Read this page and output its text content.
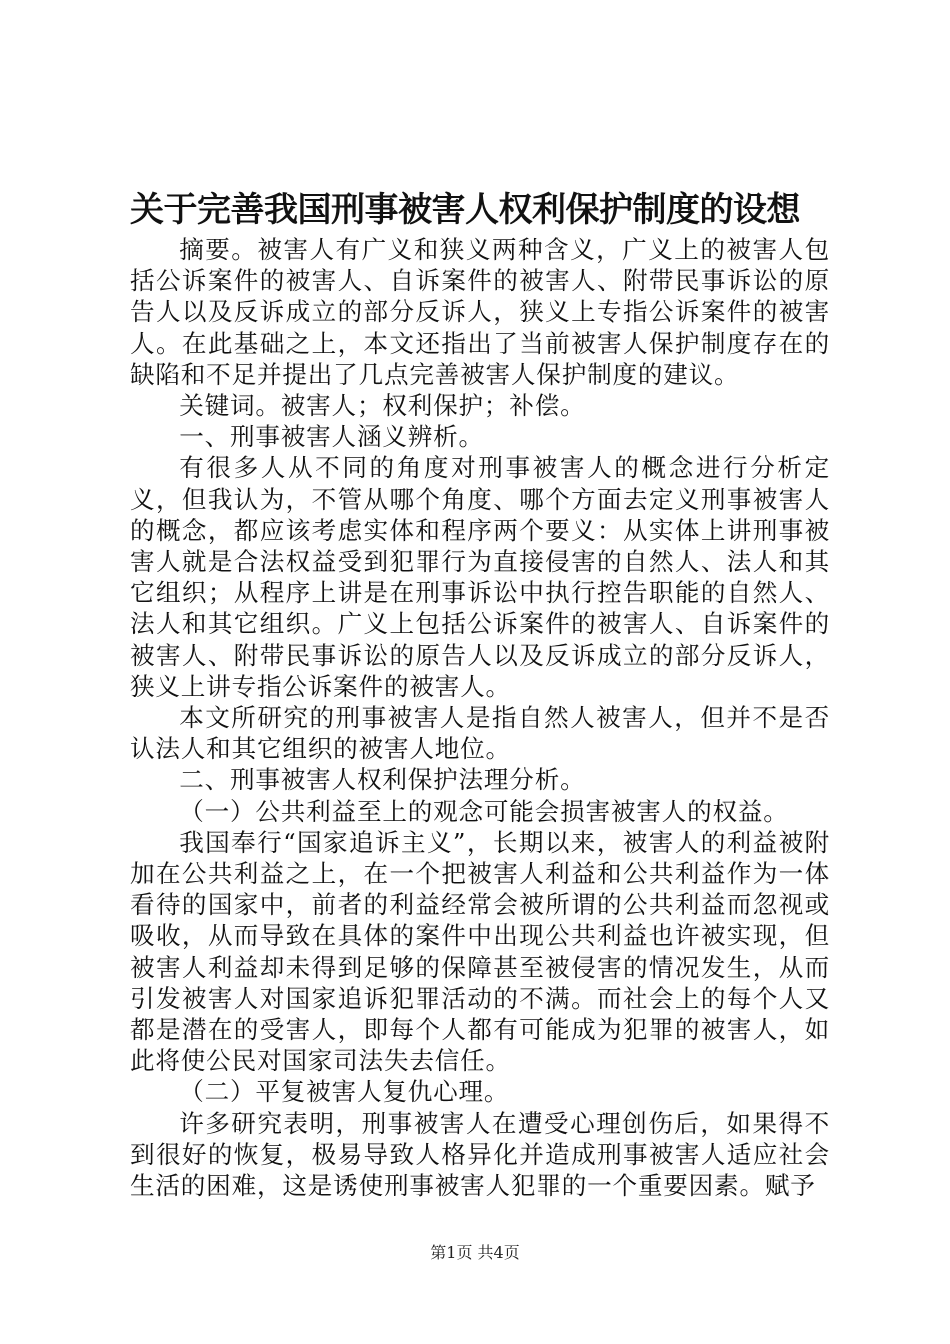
关于完善我国刑事被害人权利保护制度的设想

摘要。被害人有广义和狭义两种含义，广义上的被害人包括公诉案件的被害人、自诉案件的被害人、附带民事诉讼的原告人以及反诉成立的部分反诉人，狭义上专指公诉案件的被害人。在此基础之上，本文还指出了当前被害人保护制度存在的缺陷和不足并提出了几点完善被害人保护制度的建议。

关键词。被害人；权利保护；补偿。

一、刑事被害人涵义辨析。

有很多人从不同的角度对刑事被害人的概念进行分析定义，但我认为，不管从哪个角度、哪个方面去定义刑事被害人的概念，都应该考虑实体和程序两个要义：从实体上讲刑事被害人就是合法权益受到犯罪行为直接侵害的自然人、法人和其它组织；从程序上讲是在刑事诉讼中执行控告职能的自然人、法人和其它组织。广义上包括公诉案件的被害人、自诉案件的被害人、附带民事诉讼的原告人以及反诉成立的部分反诉人，狭义上讲专指公诉案件的被害人。

本文所研究的刑事被害人是指自然人被害人，但并不是否认法人和其它组织的被害人地位。

二、刑事被害人权利保护法理分析。

（一）公共利益至上的观念可能会损害被害人的权益。

我国奉行“国家追诉主义”，长期以来，被害人的利益被附加在公共利益之上，在一个把被害人利益和公共利益作为一体看待的国家中，前者的利益经常会被所谓的公共利益而忽视或吸收，从而导致在具体的案件中出现公共利益也许被实现，但被害人利益却未得到足够的保障甚至被侵害的情况发生，从而引发被害人对国家追诉犯罪活动的不满。而社会上的每个人又都是潜在的受害人，即每个人都有可能成为犯罪的被害人，如此将使公民对国家司法失去信任。

（二）平复被害人复仇心理。

许多研究表明，刑事被害人在遭受心理创伤后，如果得不到很好的恢复，极易导致人格异化并造成刑事被害人适应社会生活的困难，这是诱使刑事被害人犯罪的一个重要因素。赋予

第1页 共4页
